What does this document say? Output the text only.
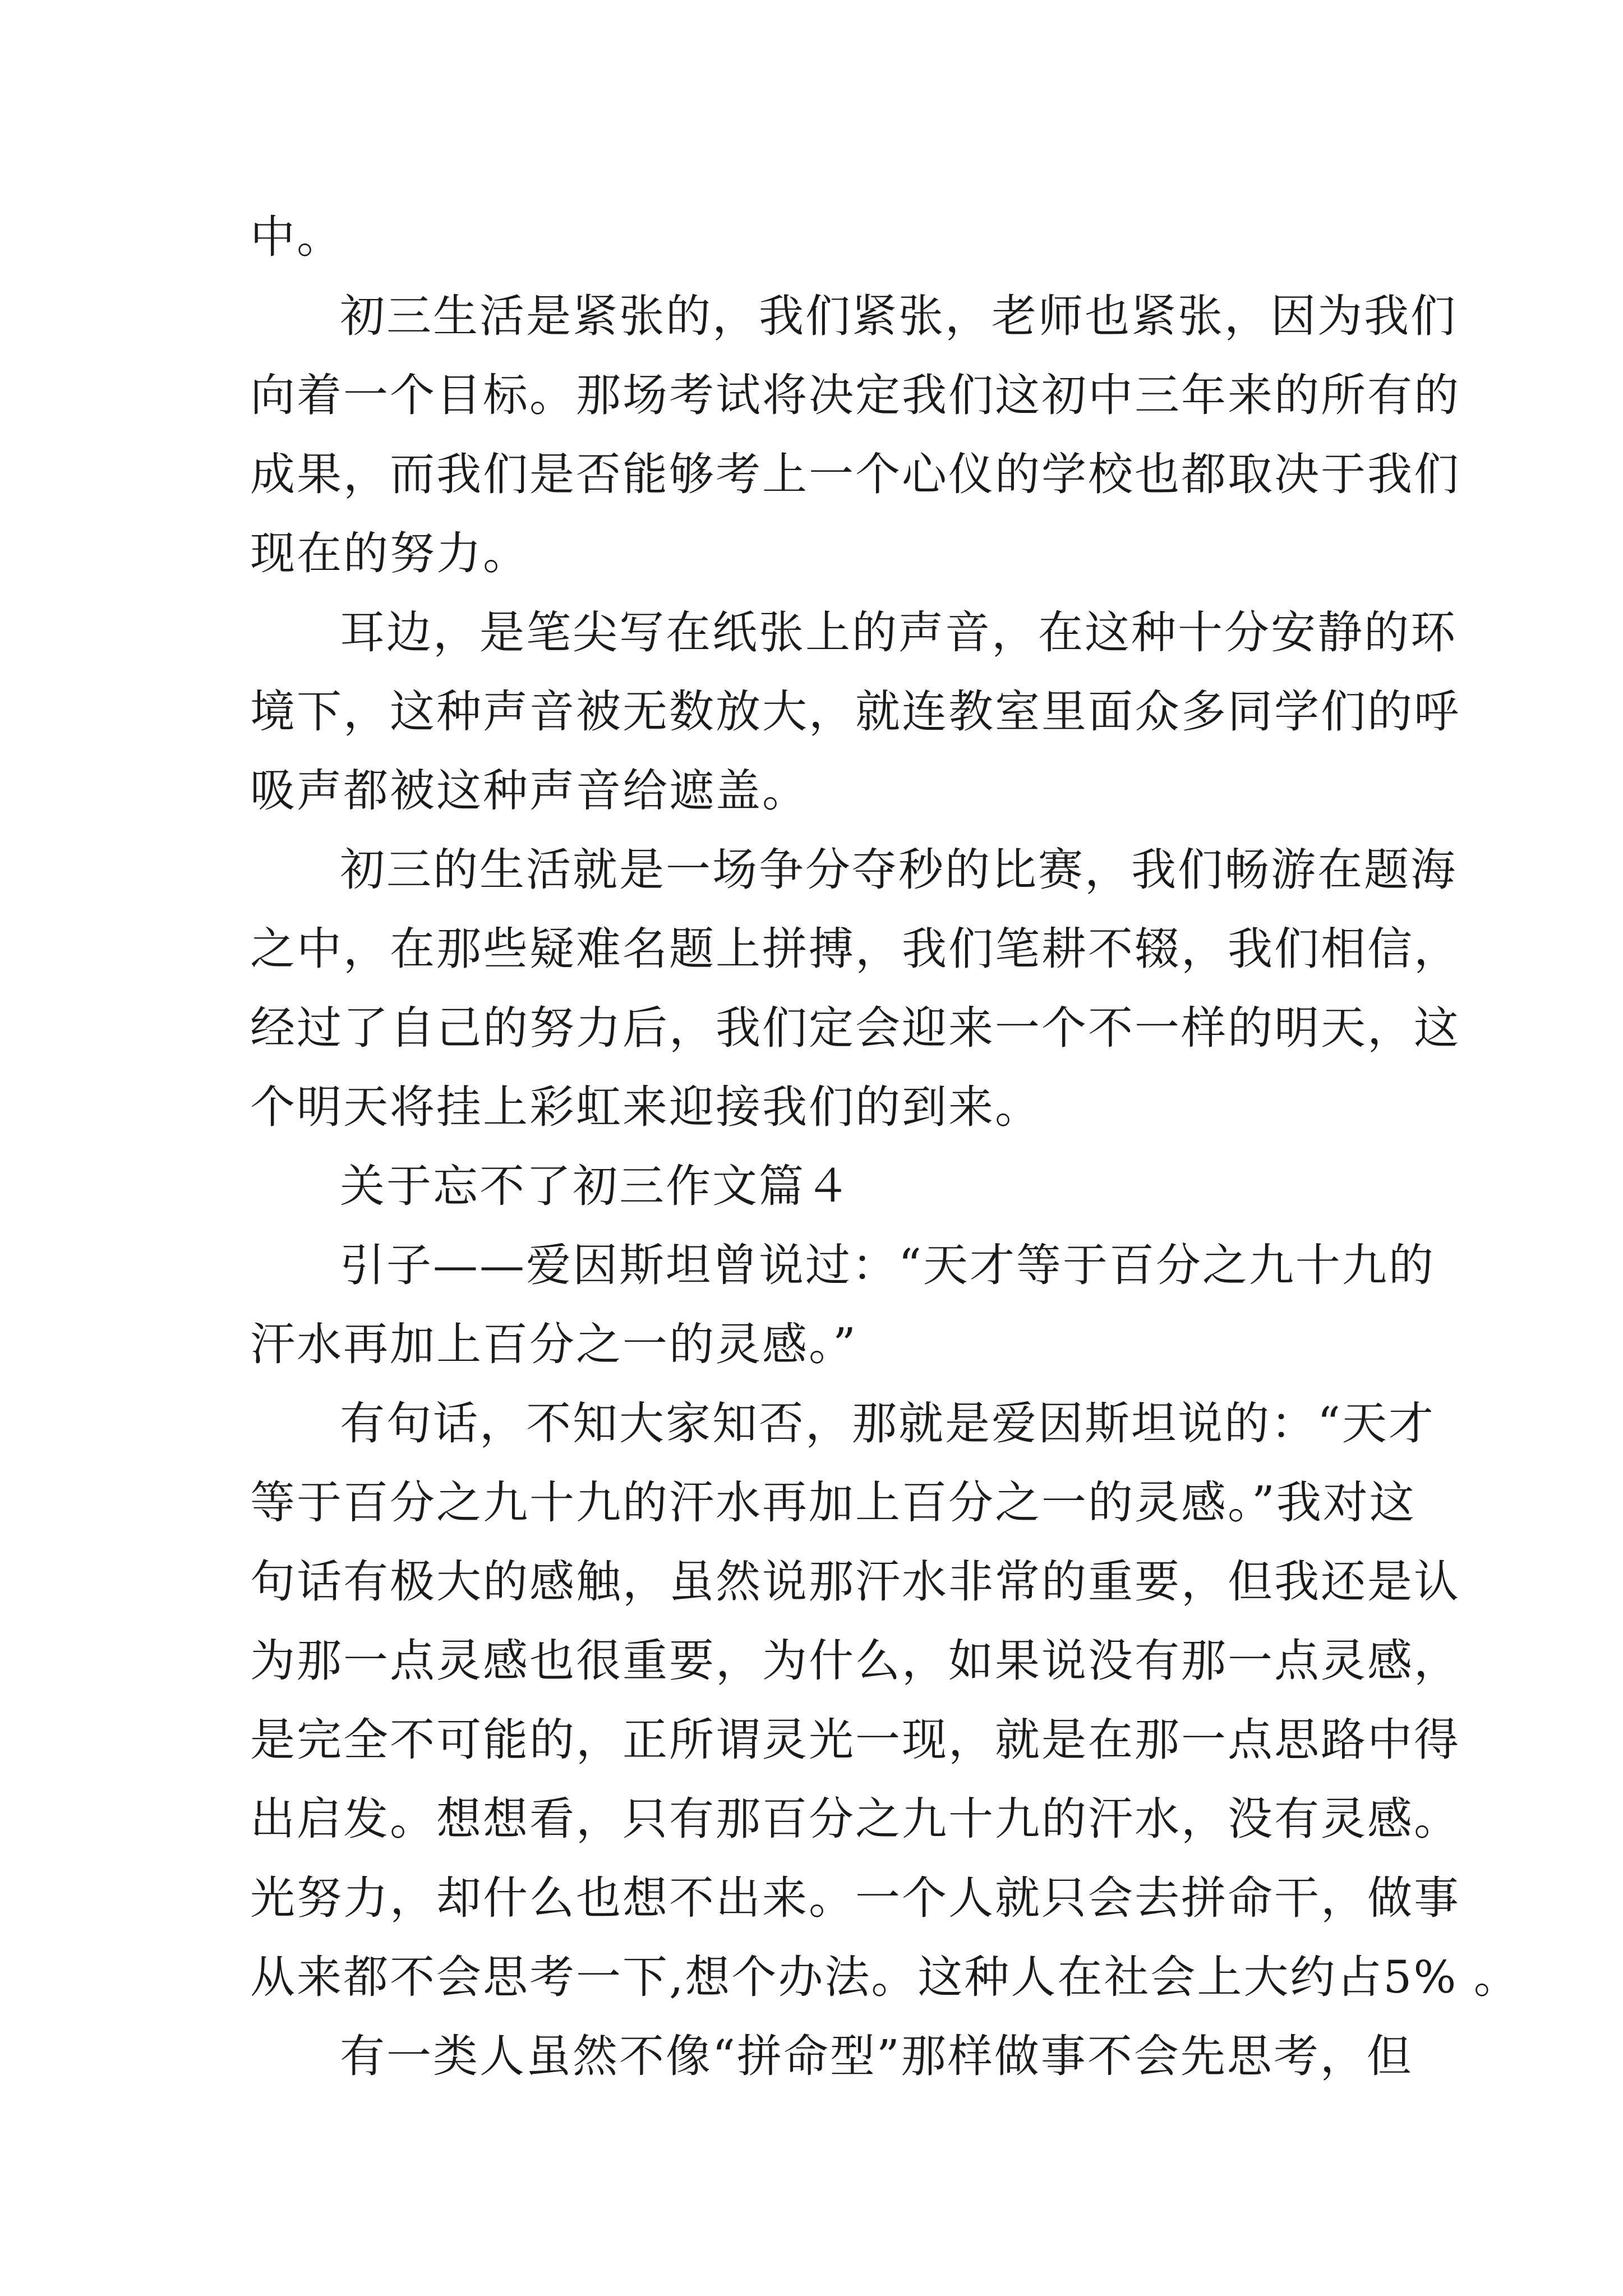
中。
初三生活是紧张的，我们紧张，老师也紧张，因为我们
向着一个目标。那场考试将决定我们这初中三年来的所有的
成果，而我们是否能够考上一个心仪的学校也都取决于我们
现在的努力。
耳边，是笔尖写在纸张上的声音，在这种十分安静的环
境下，这种声音被无数放大，就连教室里面众多同学们的呼
吸声都被这种声音给遮盖。
初三的生活就是一场争分夺秒的比赛，我们畅游在题海
之中，在那些疑难名题上拼搏，我们笔耕不辍，我们相信，
经过了自己的努力后，我们定会迎来一个不一样的明天，这
个明天将挂上彩虹来迎接我们的到来。
关于忘不了初三作文篇４
引子——爱因斯坦曾说过：“天才等于百分之九十九的
汗水再加上百分之一的灵感。”
有句话，不知大家知否，那就是爱因斯坦说的：“天才
等于百分之九十九的汗水再加上百分之一的灵感。”我对这
句话有极大的感触，虽然说那汗水非常的重要，但我还是认
为那一点灵感也很重要，为什么，如果说没有那一点灵感，
是完全不可能的，正所谓灵光一现，就是在那一点思路中得
出启发。想想看，只有那百分之九十九的汗水，没有灵感。
光努力，却什么也想不出来。一个人就只会去拼命干，做事
从来都不会思考一下,想个办法。这种人在社会上大约占5% 。
有一类人虽然不像“拼命型”那样做事不会先思考，但
